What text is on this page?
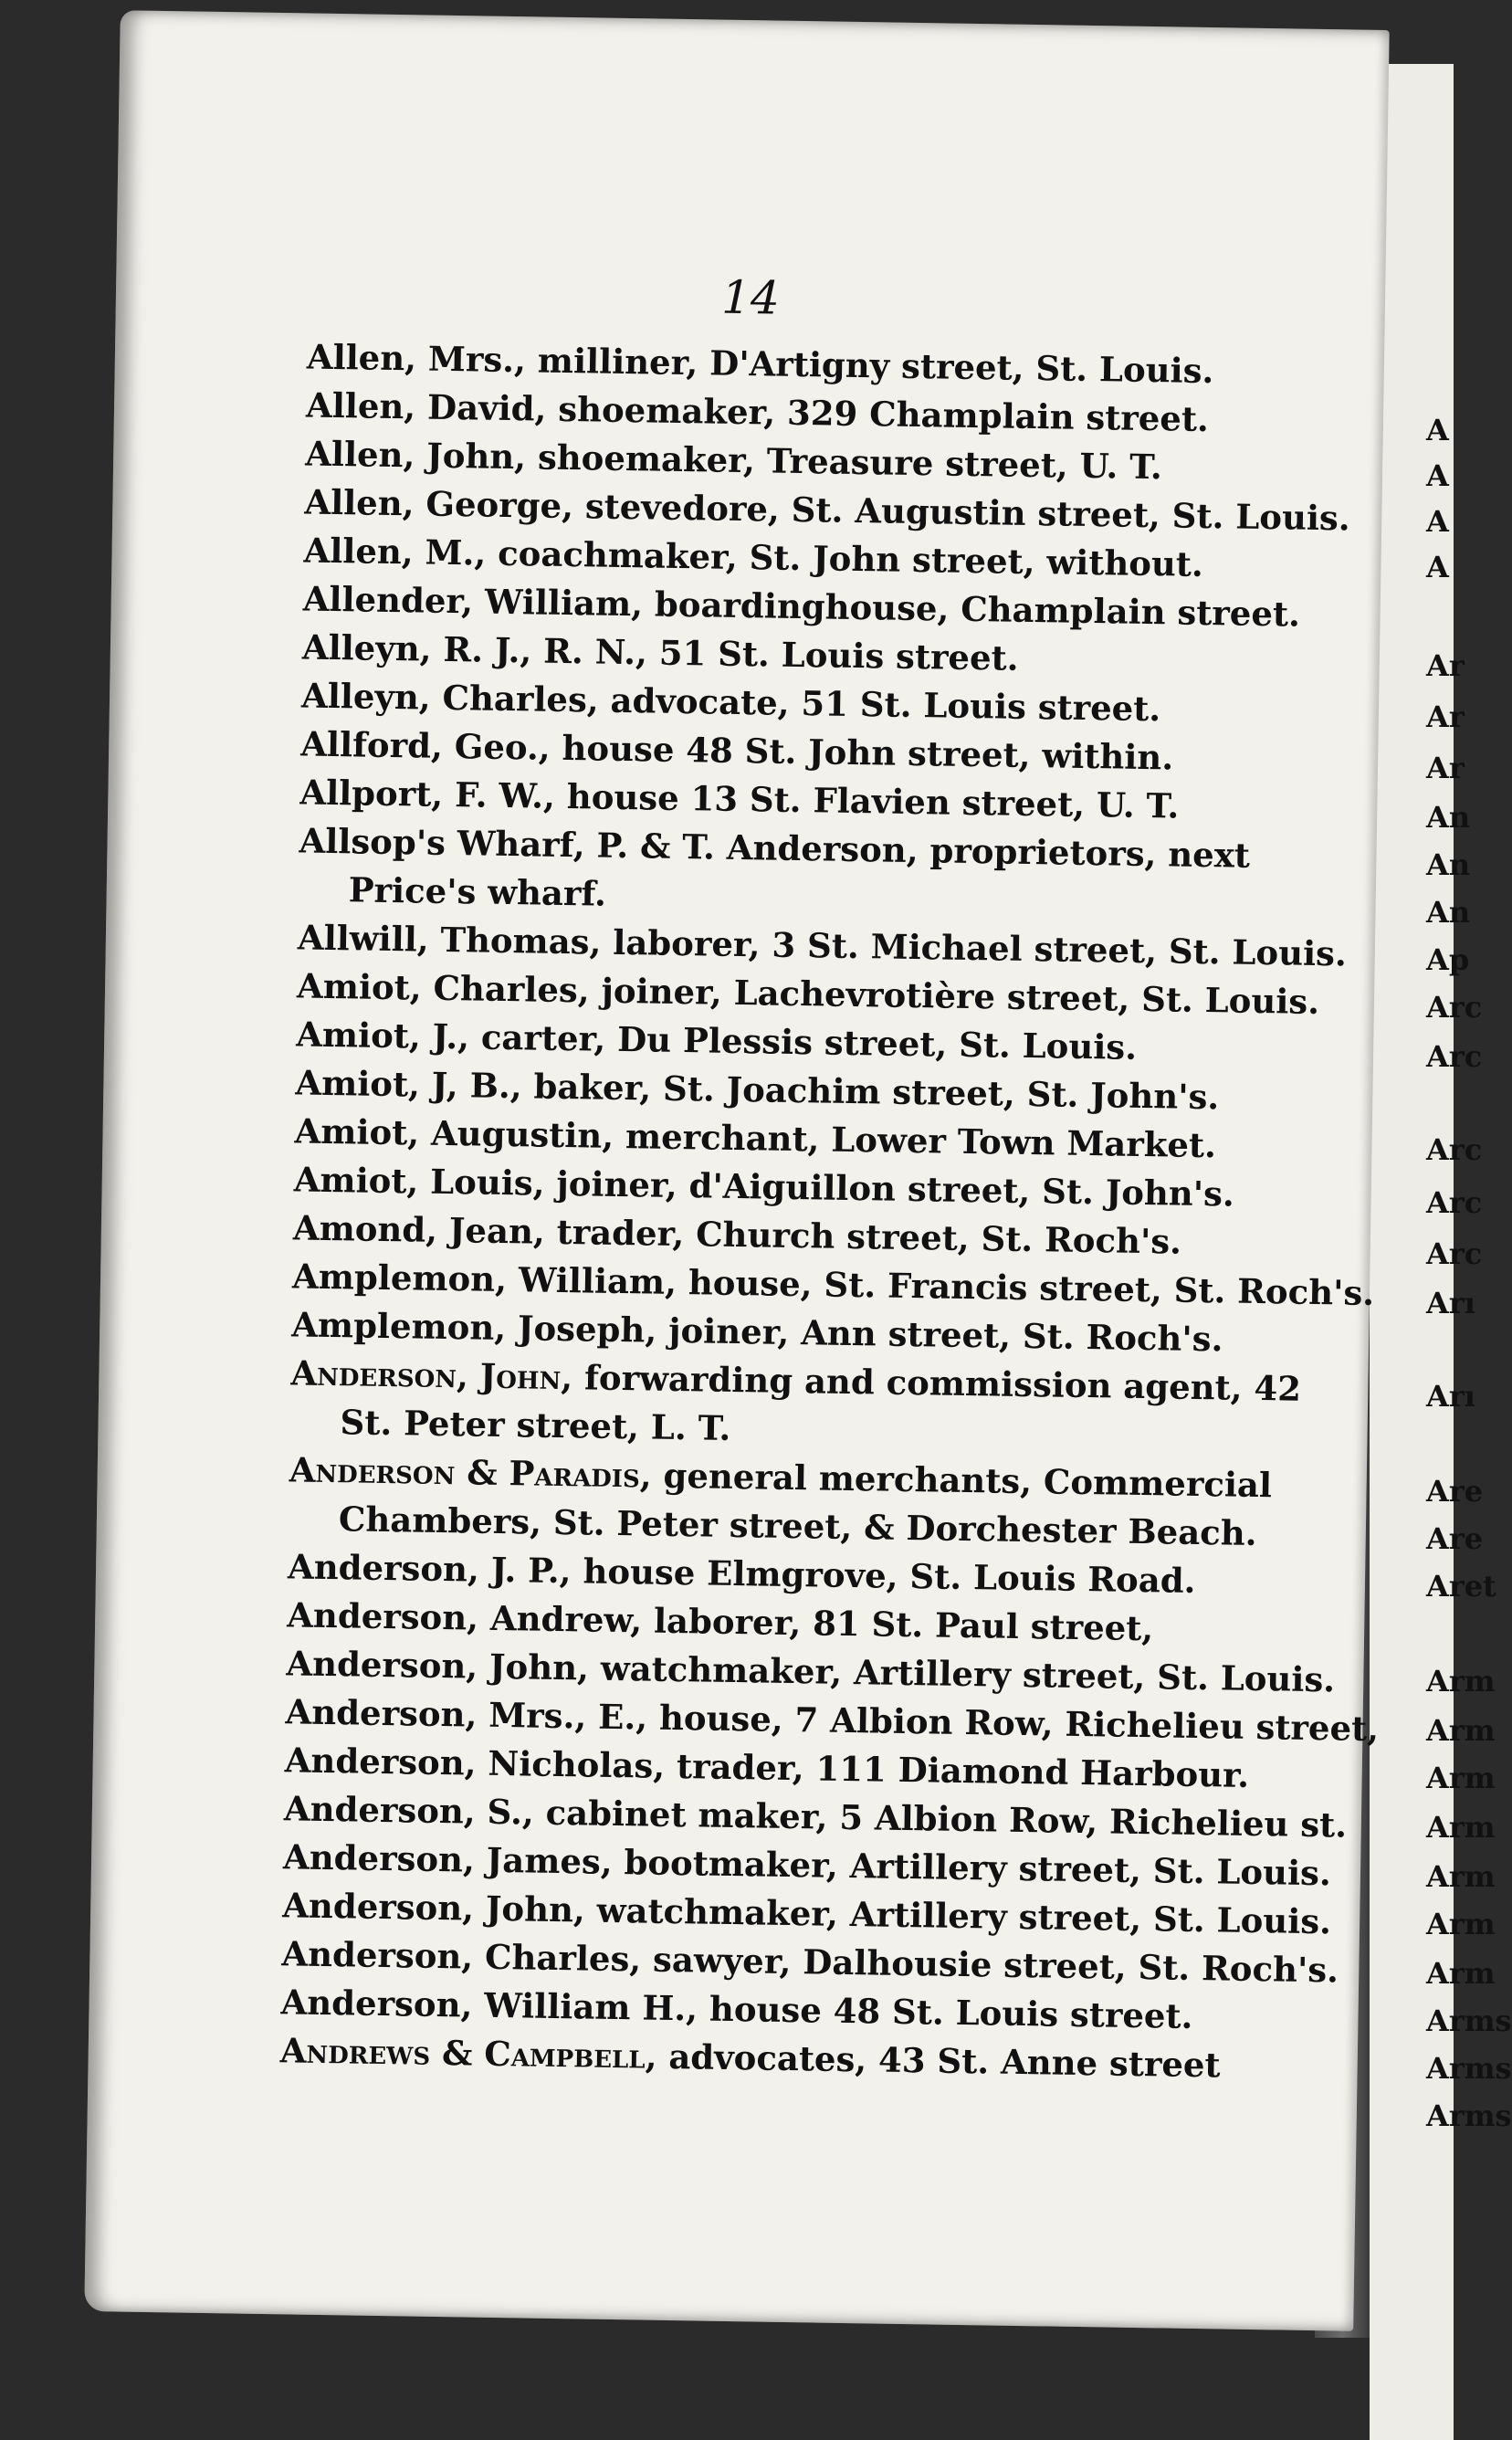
A
A
A
A
Ar
Ar
Ar
An
An
An
Ap
Arc
Arc
Arc
Arc
Arc
Arı
Arı
Are
Are
Aret
Arm
Arm
Arm
Arm
Arm
Arm
Arm
Arms
Arms
Arms
14
Allen, Mrs., milliner, D'Artigny street, St. Louis.
Allen, David, shoemaker, 329 Champlain street.
Allen, John, shoemaker, Treasure street, U. T.
Allen, George, stevedore, St. Augustin street, St. Louis.
Allen, M., coachmaker, St. John street, without.
Allender, William, boardinghouse, Champlain street.
Alleyn, R. J., R. N., 51 St. Louis street.
Alleyn, Charles, advocate, 51 St. Louis street.
Allford, Geo., house 48 St. John street, within.
Allport, F. W., house 13 St. Flavien street, U. T.
Allsop's Wharf, P. & T. Anderson, proprietors, next Price's wharf.
Allwill, Thomas, laborer, 3 St. Michael street, St. Louis.
Amiot, Charles, joiner, Lachevrotière street, St. Louis.
Amiot, J., carter, Du Plessis street, St. Louis.
Amiot, J, B., baker, St. Joachim street, St. John's.
Amiot, Augustin, merchant, Lower Town Market.
Amiot, Louis, joiner, d'Aiguillon street, St. John's.
Amond, Jean, trader, Church street, St. Roch's.
Amplemon, William, house, St. Francis street, St. Roch's.
Amplemon, Joseph, joiner, Ann street, St. Roch's.
Anderson, John, forwarding and commission agent, 42 St. Peter street, L. T.
Anderson & Paradis, general merchants, Commercial Chambers, St. Peter street, & Dorchester Beach.
Anderson, J. P., house Elmgrove, St. Louis Road.
Anderson, Andrew, laborer, 81 St. Paul street,
Anderson, John, watchmaker, Artillery street, St. Louis.
Anderson, Mrs., E., house, 7 Albion Row, Richelieu street,
Anderson, Nicholas, trader, 111 Diamond Harbour.
Anderson, S., cabinet maker, 5 Albion Row, Richelieu st.
Anderson, James, bootmaker, Artillery street, St. Louis.
Anderson, John, watchmaker, Artillery street, St. Louis.
Anderson, Charles, sawyer, Dalhousie street, St. Roch's.
Anderson, William H., house 48 St. Louis street.
Andrews & Campbell, advocates, 43 St. Anne street
